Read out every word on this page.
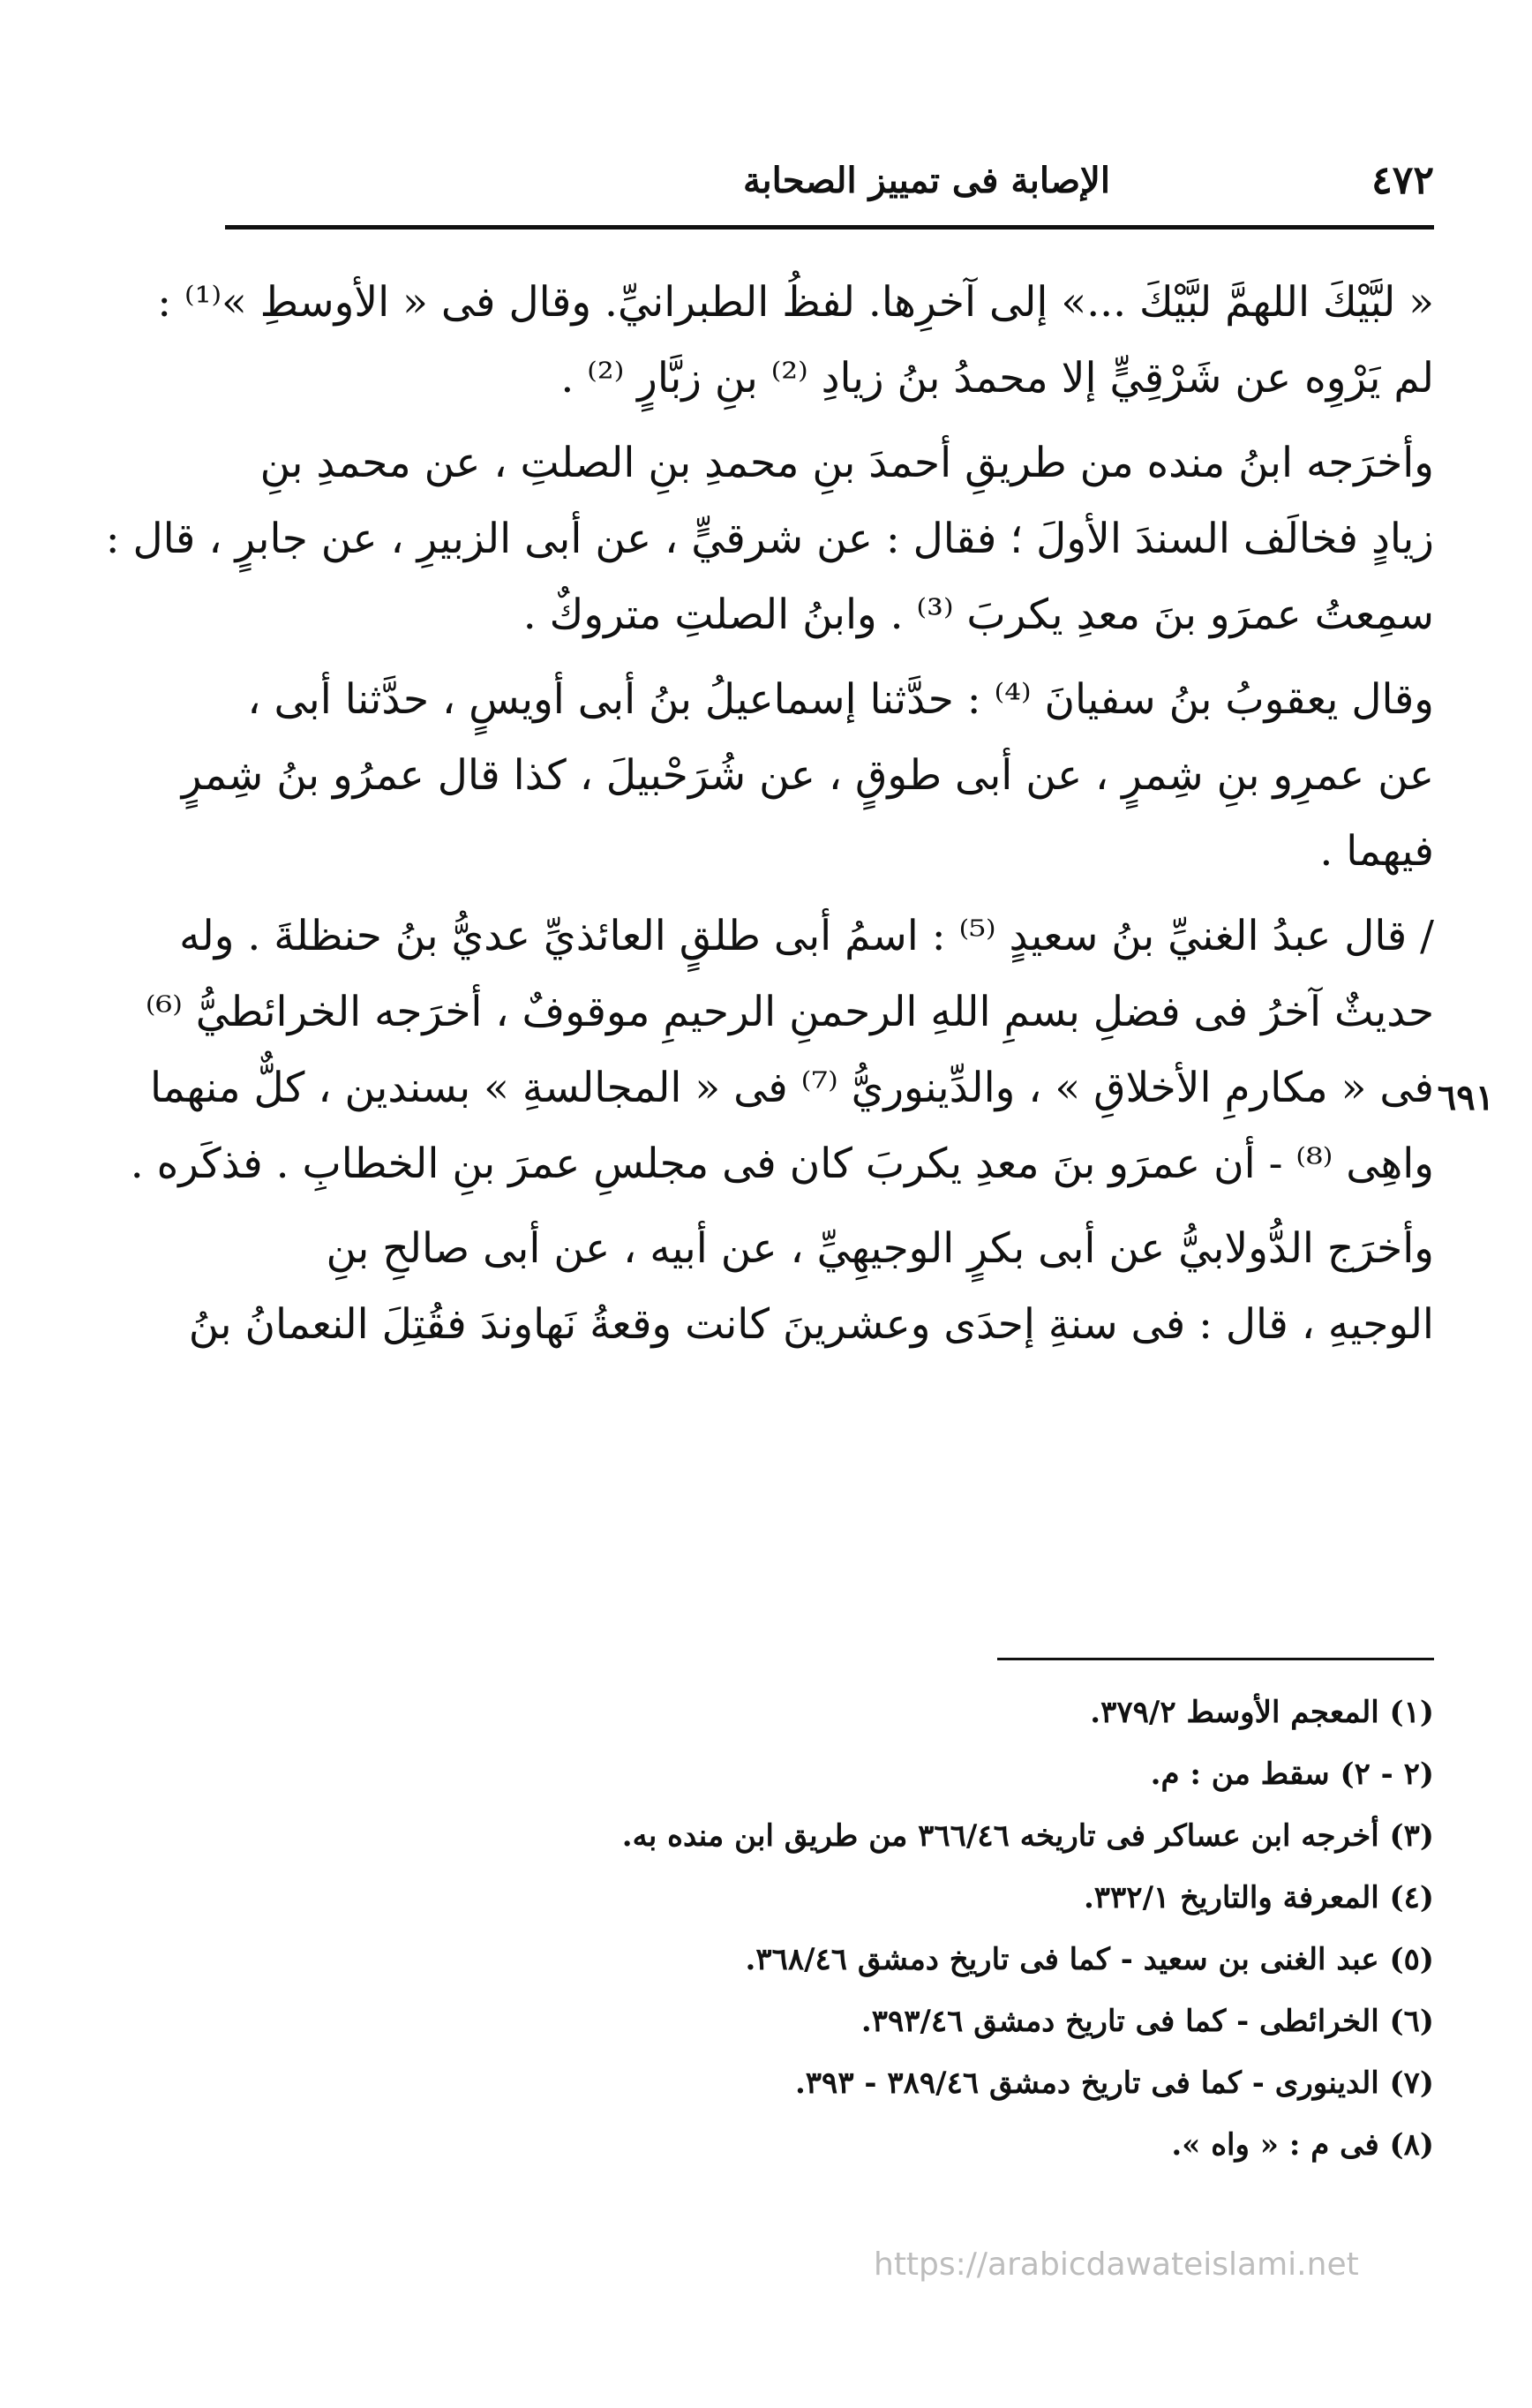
٤٧٢
الإصابة فى تمييز الصحابة
٦٩١

« لبَّيْكَ اللهمَّ لبَّيْكَ ...» إلى آخرِها. لفظُ الطبرانيِّ. وقال فى « الأوسطِ »⁽¹⁾ :
لم يَرْوِه عن شَرْقِيٍّ إلا محمدُ بنُ زيادِ ⁽²⁾ بنِ زبَّارٍ ⁽²⁾ .

وأخرَجه ابنُ منده من طريقِ أحمدَ بنِ محمدِ بنِ الصلتِ ، عن محمدِ بنِ
زيادٍ فخالَف السندَ الأولَ ؛ فقال : عن شرقيٍّ ، عن أبى الزبيرِ ، عن جابرٍ ، قال :
سمِعتُ عمرَو بنَ معدِ يكربَ ⁽³⁾ . وابنُ الصلتِ متروكٌ .

وقال يعقوبُ بنُ سفيانَ ⁽⁴⁾ : حدَّثنا إسماعيلُ بنُ أبى أويسٍ ، حدَّثنا أبى ،
عن عمرِو بنِ شِمرٍ ، عن أبى طوقٍ ، عن شُرَحْبيلَ ، كذا قال عمرُو بنُ شِمرٍ
فيهما .

/ قال عبدُ الغنيِّ بنُ سعيدٍ ⁽⁵⁾ : اسمُ أبى طلقٍ العائذيِّ عديُّ بنُ حنظلةَ . وله
حديثٌ آخرُ فى فضلِ بسمِ اللهِ الرحمنِ الرحيمِ موقوفٌ ، أخرَجه الخرائطيُّ ⁽⁶⁾
فى « مكارمِ الأخلاقِ » ، والدِّينوريُّ ⁽⁷⁾ فى « المجالسةِ » بسندين ، كلٌّ منهما
واهِى ⁽⁸⁾ - أن عمرَو بنَ معدِ يكربَ كان فى مجلسِ عمرَ بنِ الخطابِ . فذكَره .

وأخرَج الدُّولابيُّ عن أبى بكرٍ الوجيهِيِّ ، عن أبيه ، عن أبى صالحِ بنِ
الوجيهِ ، قال : فى سنةِ إحدَى وعشرينَ كانت وقعةُ نَهاوندَ فقُتِلَ النعمانُ بنُ

(١) المعجم الأوسط ٣٧٩/٢.
(٢ - ٢) سقط من : م.
(٣) أخرجه ابن عساكر فى تاريخه ٣٦٦/٤٦ من طريق ابن منده به.
(٤) المعرفة والتاريخ ٣٣٢/١.
(٥) عبد الغنى بن سعيد - كما فى تاريخ دمشق ٣٦٨/٤٦.
(٦) الخرائطى - كما فى تاريخ دمشق ٣٩٣/٤٦.
(٧) الدينورى - كما فى تاريخ دمشق ٣٨٩/٤٦ - ٣٩٣.
(٨) فى م : « واه ».
https://arabicdawateislami.net
